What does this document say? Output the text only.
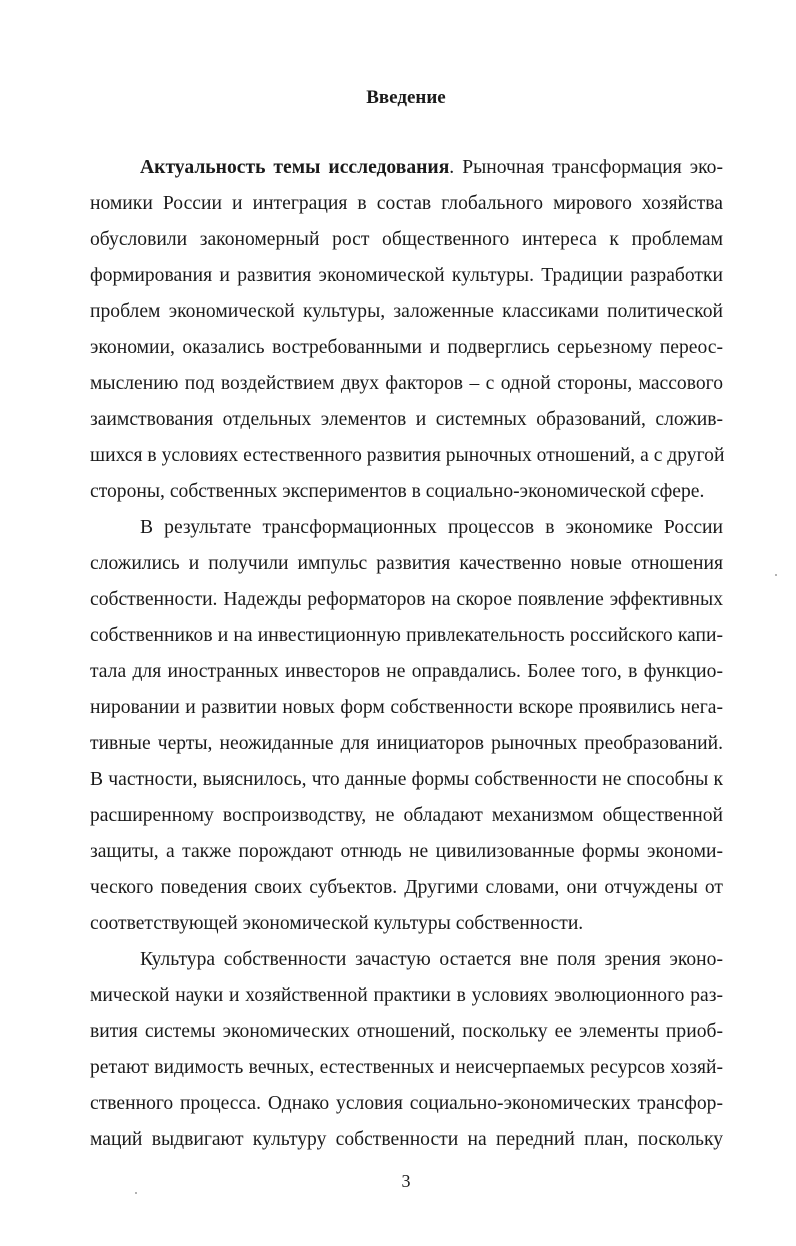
Введение
Актуальность темы исследования. Рыночная трансформация эко-
номики России и интеграция в состав глобального мирового хозяйства
обусловили закономерный рост общественного интереса к проблемам
формирования и развития экономической культуры. Традиции разработки
проблем экономической культуры, заложенные классиками политической
экономии, оказались востребованными и подверглись серьезному переос-
мыслению под воздействием двух факторов – с одной стороны, массового
заимствования отдельных элементов и системных образований, сложив-
шихся в условиях естественного развития рыночных отношений, а с другой
стороны, собственных экспериментов в социально-экономической сфере.
В результате трансформационных процессов в экономике России
сложились и получили импульс развития качественно новые отношения
собственности. Надежды реформаторов на скорое появление эффективных
собственников и на инвестиционную привлекательность российского капи-
тала для иностранных инвесторов не оправдались. Более того, в функцио-
нировании и развитии новых форм собственности вскоре проявились нега-
тивные черты, неожиданные для инициаторов рыночных преобразований.
В частности, выяснилось, что данные формы собственности не способны к
расширенному воспроизводству, не обладают механизмом общественной
защиты, а также порождают отнюдь не цивилизованные формы экономи-
ческого поведения своих субъектов. Другими словами, они отчуждены от
соответствующей экономической культуры собственности.
Культура собственности зачастую остается вне поля зрения эконо-
мической науки и хозяйственной практики в условиях эволюционного раз-
вития системы экономических отношений, поскольку ее элементы приоб-
ретают видимость вечных, естественных и неисчерпаемых ресурсов хозяй-
ственного процесса. Однако условия социально-экономических трансфор-
маций выдвигают культуру собственности на передний план, поскольку
3
